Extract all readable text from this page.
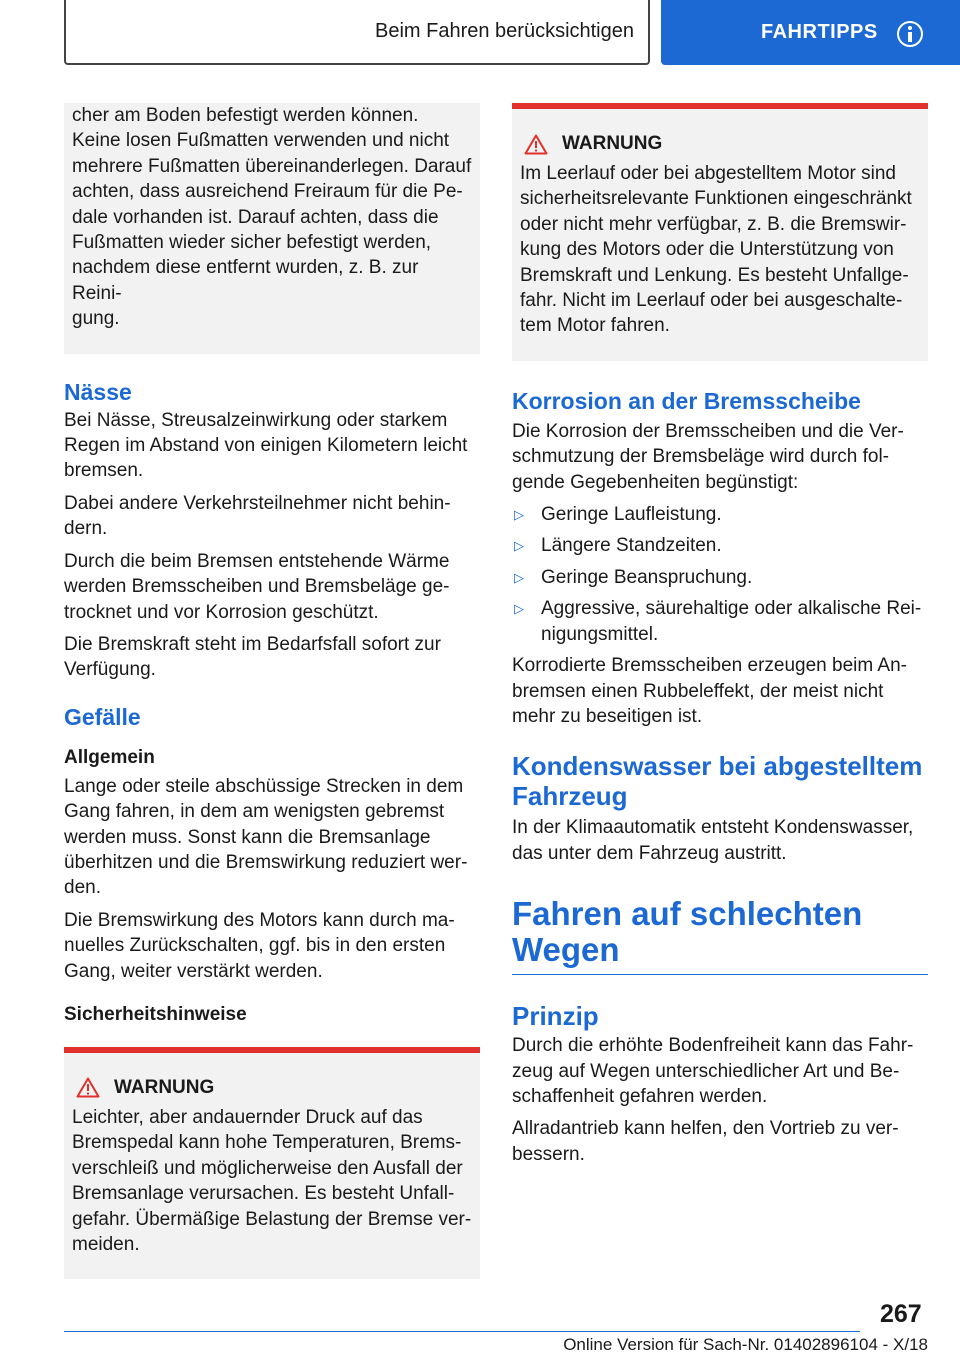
Beim Fahren berücksichtigen	FAHRTIPPS

cher am Boden befestigt werden können.

Keine losen Fußmatten verwenden und nicht

mehrere Fußmatten übereinanderlegen. Darauf

achten, dass ausreichend Freiraum für die Pe-

dale vorhanden ist. Darauf achten, dass die

Fußmatten wieder sicher befestigt werden,

nachdem diese entfernt wurden, z. B. zur Reini-

gung.

Nässe

Bei Nässe, Streusalzeinwirkung oder starkem
Regen im Abstand von einigen Kilometern leicht
bremsen.

Dabei andere Verkehrsteilnehmer nicht behin-
dern.

Durch die beim Bremsen entstehende Wärme
werden Bremsscheiben und Bremsbeläge ge-
trocknet und vor Korrosion geschützt.

Die Bremskraft steht im Bedarfsfall sofort zur
Verfügung.

Gefälle
Allgemein

Lange oder steile abschüssige Strecken in dem
Gang fahren, in dem am wenigsten gebremst
werden muss. Sonst kann die Bremsanlage
überhitzen und die Bremswirkung reduziert wer-
den.

Die Bremswirkung des Motors kann durch ma-
nuelles Zurückschalten, ggf. bis in den ersten
Gang, weiter verstärkt werden.

Sicherheitshinweise
WARNUNG

Leichter, aber andauernder Druck auf das

Bremspedal kann hohe Temperaturen, Brems-

verschleiß und möglicherweise den Ausfall der

Bremsanlage verursachen. Es besteht Unfall-

gefahr. Übermäßige Belastung der Bremse ver-

meiden.

WARNUNG

Im Leerlauf oder bei abgestelltem Motor sind

sicherheitsrelevante Funktionen eingeschränkt

oder nicht mehr verfügbar, z. B. die Bremswir-

kung des Motors oder die Unterstützung von

Bremskraft und Lenkung. Es besteht Unfallge-

fahr. Nicht im Leerlauf oder bei ausgeschalte-

tem Motor fahren.

Korrosion an der Bremsscheibe

Die Korrosion der Bremsscheiben und die Ver-
schmutzung der Bremsbeläge wird durch fol-
gende Gegebenheiten begünstigt:

▷ Geringe Laufleistung.
▷ Längere Standzeiten.
▷ Geringe Beanspruchung.
▷ Aggressive, säurehaltige oder alkalische Rei-
nigungsmittel.

Korrodierte Bremsscheiben erzeugen beim An-
bremsen einen Rubbeleffekt, der meist nicht
mehr zu beseitigen ist.

Kondenswasser bei abgestelltem
Fahrzeug

In der Klimaautomatik entsteht Kondenswasser,
das unter dem Fahrzeug austritt.

Fahren auf schlechten
Wegen
Prinzip

Durch die erhöhte Bodenfreiheit kann das Fahr-
zeug auf Wegen unterschiedlicher Art und Be-
schaffenheit gefahren werden.

Allradantrieb kann helfen, den Vortrieb zu ver-
bessern.

267
Online Version für Sach-Nr. 01402896104 - X/18
